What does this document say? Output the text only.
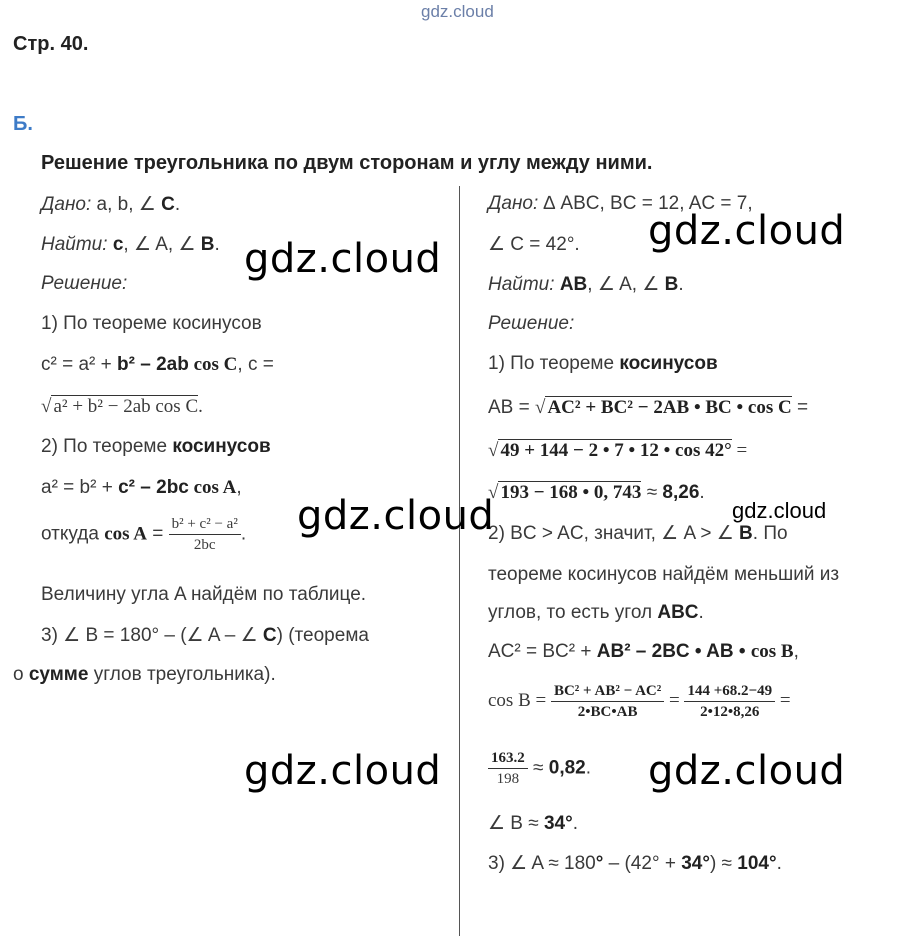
gdz.cloud
Стр. 40.
Б.
Решение треугольника по двум сторонам и углу между ними.
Дано: a, b, ∠ C.
Найти: c, ∠ A, ∠ B.
Решение:
1) По теореме косинусов
c² = a² + b² – 2ab cos C, c =
√ a² + b² − 2ab cos C.
2) По теореме косинусов
a² = b² + c² – 2bc cos A,
откуда $\cos A = \frac{\text{b² + c² − a²}}{2bc}$ .
Величину угла A найдём по таблице.
3) ∠ B = 180° – (∠ A – ∠ C) (теорема
о сумме углов треугольника).
Дано: ∆ ABC, BC = 12, AC = 7,
∠ C = 42°.
Найти: AB, ∠ A, ∠ B.
Решение:
1) По теореме косинусов
AB = √ AC² + BC² − 2AB • BC • cos C =
√ 49 + 144 − 2 • 7 • 12 • cos 42° =
√ 193 − 168 • 0, 743 ≈ 8,26.
2) BC > AC, значит, ∠ A > ∠ B. По
теореме косинусов найдём меньший из
углов, то есть угол ABC.
AC² = BC² + AB² – 2BC • AB • cos B,
$\cos B = \frac{\text{BC² + AB² − AC²}}{2•BC•AB} = \frac{144 +68.2-49}{2•12•8,26}$ =
$\frac{163.2}{198} \approx 0,82$.
∠ B ≈ 34°.
3) ∠ A ≈ 180° – (42° + 34°) ≈ 104°.
gdz.cloud
gdz.cloud
gdz.cloud
gdz.cloud	gdz.cloud
gdz.cloud
